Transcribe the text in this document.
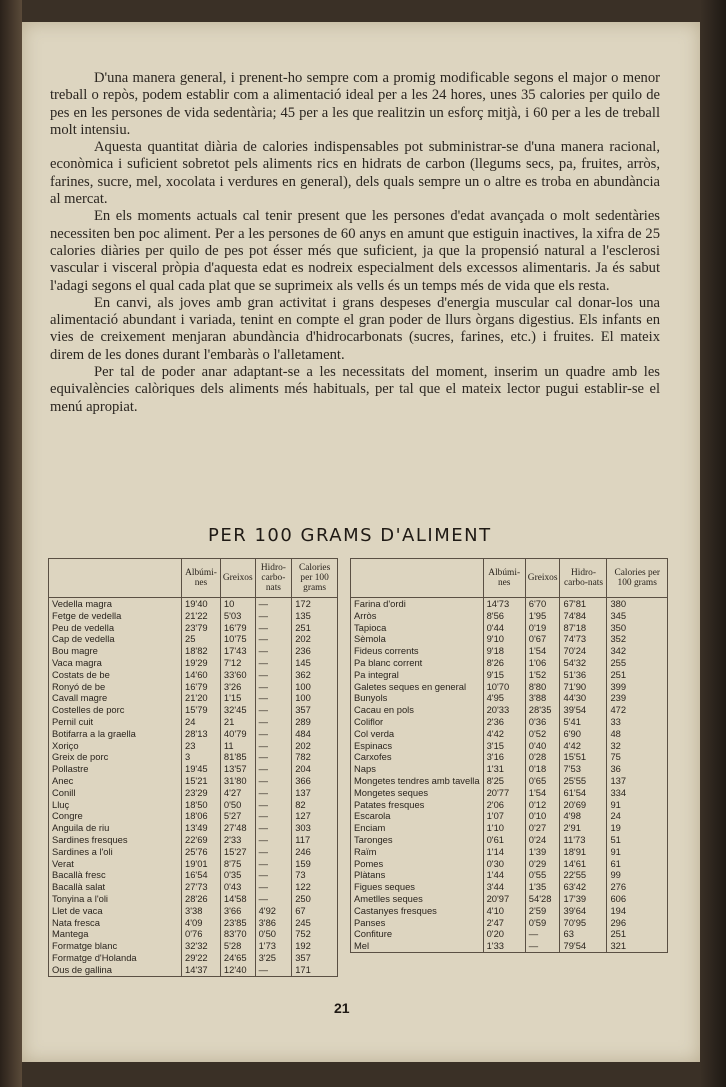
D'una manera general, i prenent-ho sempre com a promig modificable segons el major o menor treball o repòs, podem establir com a alimentació ideal per a les 24 hores, unes 35 calories per quilo de pes en les persones de vida sedentària; 45 per a les que realitzin un esforç mitjà, i 60 per a les de treball molt intensiu.

Aquesta quantitat diària de calories indispensables pot subministrar-se d'una manera racional, econòmica i suficient sobretot pels aliments rics en hidrats de carbon (llegums secs, pa, fruites, arròs, farines, sucre, mel, xocolata i verdures en general), dels quals sempre un o altre es troba en abundància al mercat.

En els moments actuals cal tenir present que les persones d'edat avançada o molt sedentàries necessiten ben poc aliment. Per a les persones de 60 anys en amunt que estiguin inactives, la xifra de 25 calories diàries per quilo de pes pot ésser més que suficient, ja que la propensió natural a l'esclerosi vascular i visceral pròpia d'aquesta edat es nodreix especialment dels excessos alimentaris. Ja és sabut l'adagi segons el qual cada plat que se suprimeix als vells és un temps més de vida que els resta.

En canvi, als joves amb gran activitat i grans despeses d'energia muscular cal donar-los una alimentació abundant i variada, tenint en compte el gran poder de llurs òrgans digestius. Els infants en vies de creixement menjaran abundància d'hidrocarbonats (sucres, farines, etc.) i fruites. El mateix direm de les dones durant l'embaràs o l'alletament.

Per tal de poder anar adaptant-se a les necessitats del moment, inserim un quadre amb les equivalències calòriques dels aliments més habituals, per tal que el mateix lector pugui establir-se el menú apropiat.

PER 100 GRAMS D'ALIMENT
	Albúmi-nes	Greixos	Hidro-carbo-nats	Calories per 100 grams
Vedella magra	19'40	10	—	172
Fetge de vedella	21'22	5'03	—	135
Peu de vedella	23'79	16'79	—	251
Cap de vedella	25	10'75	—	202
Bou magre	18'82	17'43	—	236
Vaca magra	19'29	7'12	—	145
Costats de be	14'60	33'60	—	362
Ronyó de be	16'79	3'26	—	100
Cavall magre	21'20	1'15	—	100
Costelles de porc	15'79	32'45	—	357
Pernil cuit	24	21	—	289
Botifarra a la graella	28'13	40'79	—	484
Xoriço	23	11	—	202
Greix de porc	3	81'85	—	782
Pollastre	19'45	13'57	—	204
Anec	15'21	31'80	—	366
Conill	23'29	4'27	—	137
Lluç	18'50	0'50	—	82
Congre	18'06	5'27	—	127
Anguila de riu	13'49	27'48	—	303
Sardines fresques	22'69	2'33	—	117
Sardines a l'oli	25'76	15'27	—	246
Verat	19'01	8'75	—	159
Bacallà fresc	16'54	0'35	—	73
Bacallà salat	27'73	0'43	—	122
Tonyina a l'oli	28'26	14'58	—	250
Llet de vaca	3'38	3'66	4'92	67
Nata fresca	4'09	23'85	3'86	245
Mantega	0'76	83'70	0'50	752
Formatge blanc	32'32	5'28	1'73	192
Formatge d'Holanda	29'22	24'65	3'25	357
Ous de gallina	14'37	12'40	—	171
	Albúmi-nes	Greixos	Hidro-carbo-nats	Calories per 100 grams
Farina d'ordi	14'73	6'70	67'81	380
Arròs	8'56	1'95	74'84	345
Tapioca	0'44	0'19	87'18	350
Sèmola	9'10	0'67	74'73	352
Fideus corrents	9'18	1'54	70'24	342
Pa blanc corrent	8'26	1'06	54'32	255
Pa integral	9'15	1'52	51'36	251
Galetes seques en general	10'70	8'80	71'90	399
Bunyols	4'95	3'88	44'30	239
Cacau en pols	20'33	28'35	39'54	472
Coliflor	2'36	0'36	5'41	33
Col verda	4'42	0'52	6'90	48
Espinacs	3'15	0'40	4'42	32
Carxofes	3'16	0'28	15'51	75
Naps	1'31	0'18	7'53	36
Mongetes tendres amb tavella	8'25	0'65	25'55	137
Mongetes seques	20'77	1'54	61'54	334
Patates fresques	2'06	0'12	20'69	91
Escarola	1'07	0'10	4'98	24
Enciam	1'10	0'27	2'91	19
Taronges	0'61	0'24	11'73	51
Raïm	1'14	1'39	18'91	91
Pomes	0'30	0'29	14'61	61
Plàtans	1'44	0'55	22'55	99
Figues seques	3'44	1'35	63'42	276
Ametlles seques	20'97	54'28	17'39	606
Castanyes fresques	4'10	2'59	39'64	194
Panses	2'47	0'59	70'95	296
Confiture	0'20	—	63	251
Mel	1'33	—	79'54	321
21
